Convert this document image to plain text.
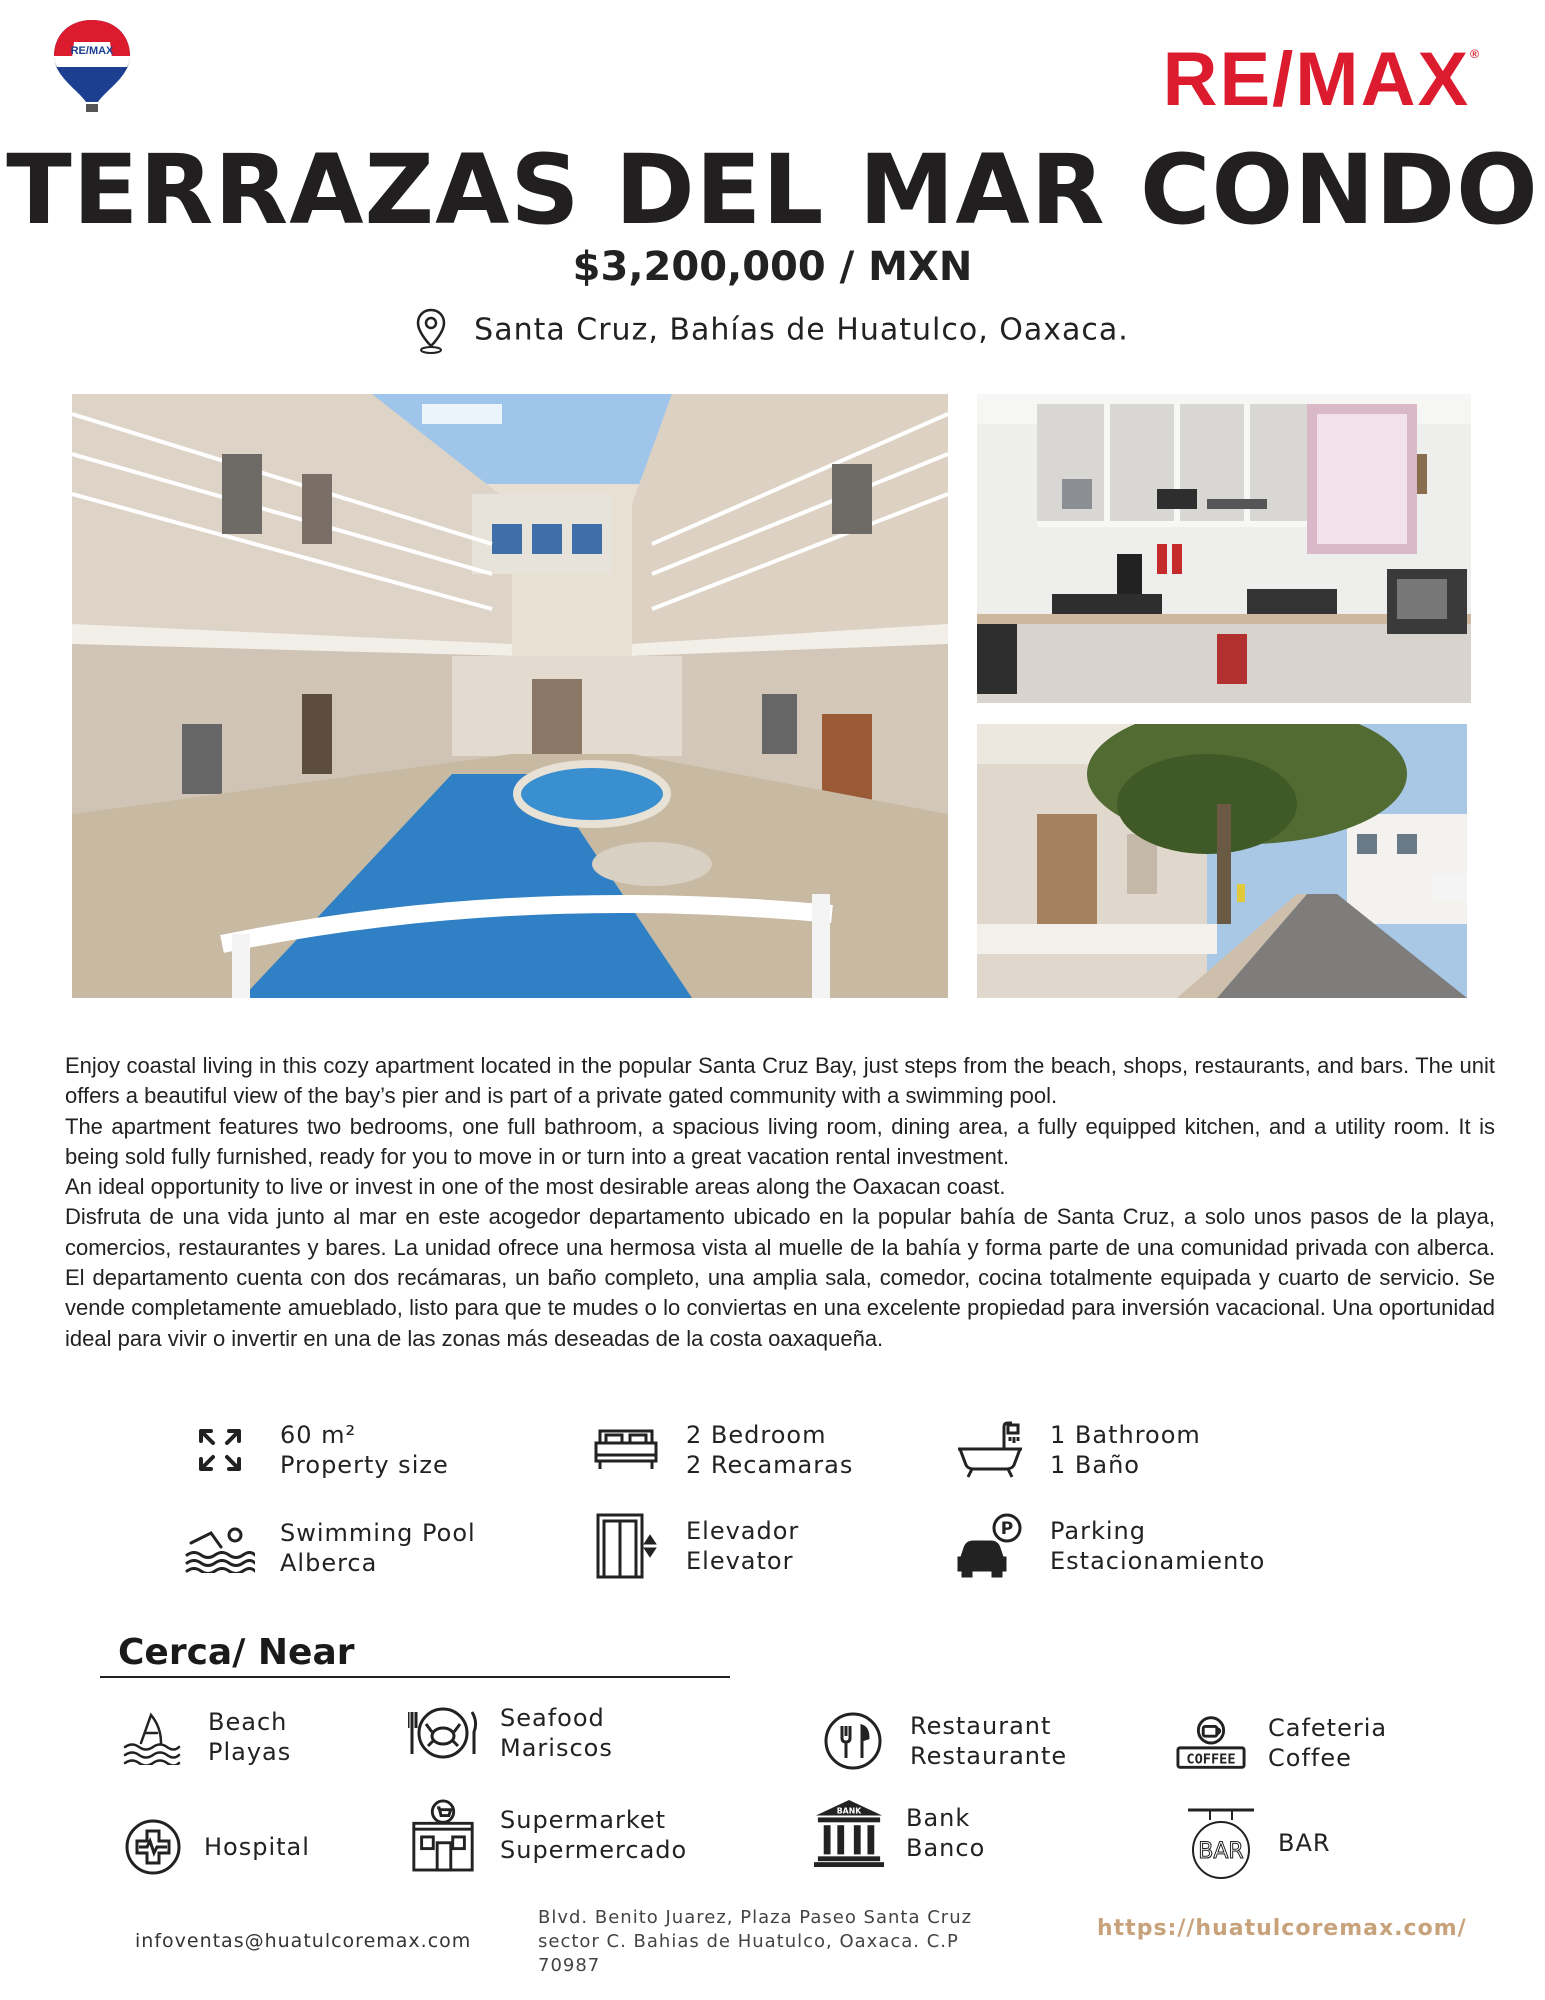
RE/MAX	RE/MAX®
TERRAZAS DEL MAR CONDO
$3,200,000 / MXN
Santa Cruz, Bahías de Huatulco, Oaxaca.

Enjoy coastal living in this cozy apartment located in the popular Santa Cruz Bay, just steps from the beach, shops, restaurants, and bars. The unit offers a beautiful view of the bay’s pier and is part of a private gated community with a swimming pool.

The apartment features two bedrooms, one full bathroom, a spacious living room, dining area, a fully equipped kitchen, and a utility room. It is being sold fully furnished, ready for you to move in or turn into a great vacation rental investment.

An ideal opportunity to live or invest in one of the most desirable areas along the Oaxacan coast.

Disfruta de una vida junto al mar en este acogedor departamento ubicado en la popular bahía de Santa Cruz, a solo unos pasos de la playa, comercios, restaurantes y bares. La unidad ofrece una hermosa vista al muelle de la bahía y forma parte de una comunidad privada con alberca. El departamento cuenta con dos recámaras, un baño completo, una amplia sala, comedor, cocina totalmente equipada y cuarto de servicio. Se vende completamente amueblado, listo para que te mudes o lo conviertas en una excelente propiedad para inversión vacacional. Una oportunidad ideal para vivir o invertir en una de las zonas más deseadas de la costa oaxaqueña.

60 m²
Property size
2 Bedroom
2 Recamaras
1 Bathroom
1 Baño
Swimming Pool
Alberca
Elevador
Elevator
P Parking
Estacionamiento
Cerca/ Near
Beach
Playas
Seafood
Mariscos
Restaurant
Restaurante	COFFEE
Cafeteria
Coffee
Hospital
Supermarket
Supermercado
BANK Bank
Banco	BAR BAR
infoventas@huatulcoremax.com
Blvd. Benito Juarez, Plaza Paseo Santa Cruz sector C. Bahias de Huatulco, Oaxaca. C.P 70987
https://huatulcoremax.com/
